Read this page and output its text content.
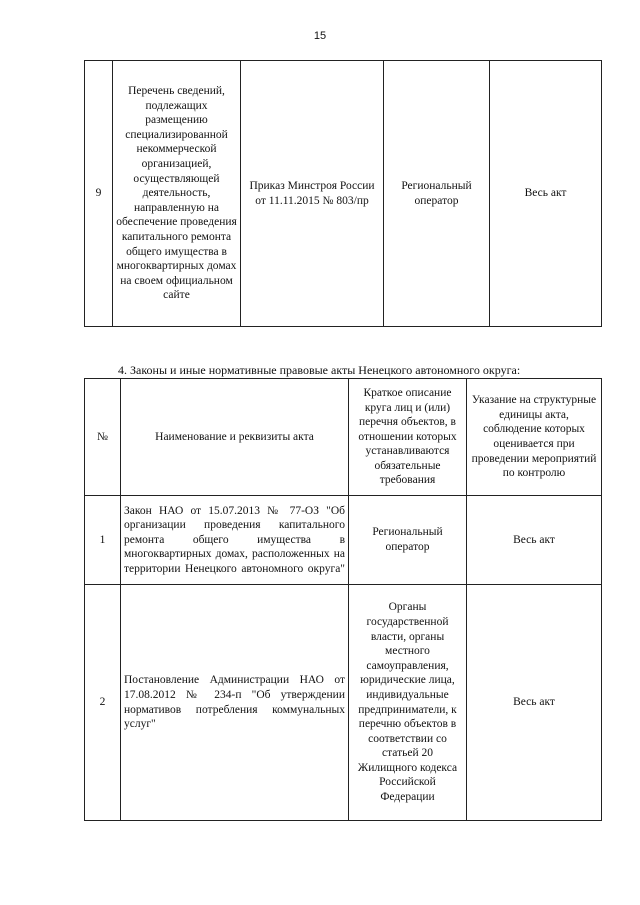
15
9	Перечень сведений, подлежащих размещению специализированной некоммерческой организацией, осуществляющей деятельность, направленную на обеспечение проведения капитального ремонта общего имущества в многоквартирных домах на своем официальном сайте	Приказ Минстроя России от 11.11.2015 № 803/пр	Региональный оператор	Весь акт
4. Законы и иные нормативные правовые акты Ненецкого автономного округа:
№	Наименование и реквизиты акта	Краткое описание круга лиц и (или) перечня объектов, в отношении которых устанавливаются обязательные требования	Указание на структурные единицы акта, соблюдение которых оценивается при проведении мероприятий по контролю
1	Закон НАО от 15.07.2013 № 77-ОЗ "Об организации проведения капитального ремонта общего имущества в многоквартирных домах, расположенных на территории Ненецкого автономного округа"	Региональный оператор	Весь акт
2	Постановление Администрации НАО от 17.08.2012 № 234-п "Об утверждении нормативов потребления коммунальных услуг"	Органы государственной власти, органы местного самоуправления, юридические лица, индивидуальные предприниматели, к перечню объектов в соответствии со статьей 20 Жилищного кодекса Российской Федерации	Весь акт
